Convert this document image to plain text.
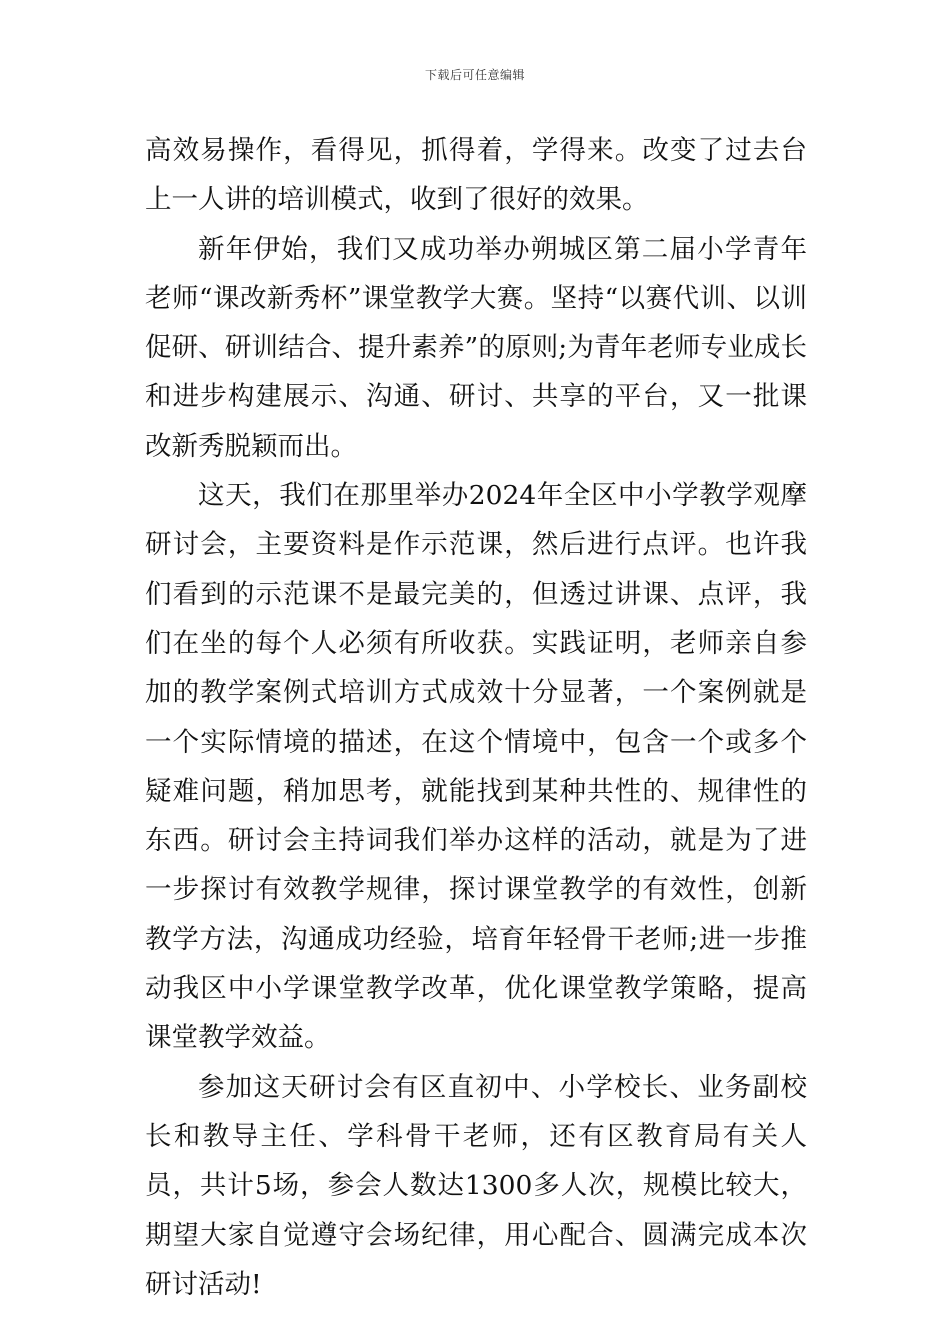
下载后可任意编辑

高效易操作，看得见，抓得着，学得来。改变了过去台上一人讲的培训模式，收到了很好的效果。

新年伊始，我们又成功举办朔城区第二届小学青年老师“课改新秀杯”课堂教学大赛。坚持“以赛代训、以训促研、研训结合、提升素养”的原则;为青年老师专业成长和进步构建展示、沟通、研讨、共享的平台，又一批课改新秀脱颖而出。

这天，我们在那里举办2024年全区中小学教学观摩研讨会，主要资料是作示范课，然后进行点评。也许我们看到的示范课不是最完美的，但透过讲课、点评，我们在坐的每个人必须有所收获。实践证明，老师亲自参加的教学案例式培训方式成效十分显著，一个案例就是一个实际情境的描述，在这个情境中，包含一个或多个疑难问题，稍加思考，就能找到某种共性的、规律性的东西。研讨会主持词我们举办这样的活动，就是为了进一步探讨有效教学规律，探讨课堂教学的有效性，创新教学方法，沟通成功经验，培育年轻骨干老师;进一步推动我区中小学课堂教学改革，优化课堂教学策略，提高课堂教学效益。

参加这天研讨会有区直初中、小学校长、业务副校长和教导主任、学科骨干老师，还有区教育局有关人员，共计5场，参会人数达1300多人次，规模比较大，期望大家自觉遵守会场纪律，用心配合、圆满完成本次研讨活动!
